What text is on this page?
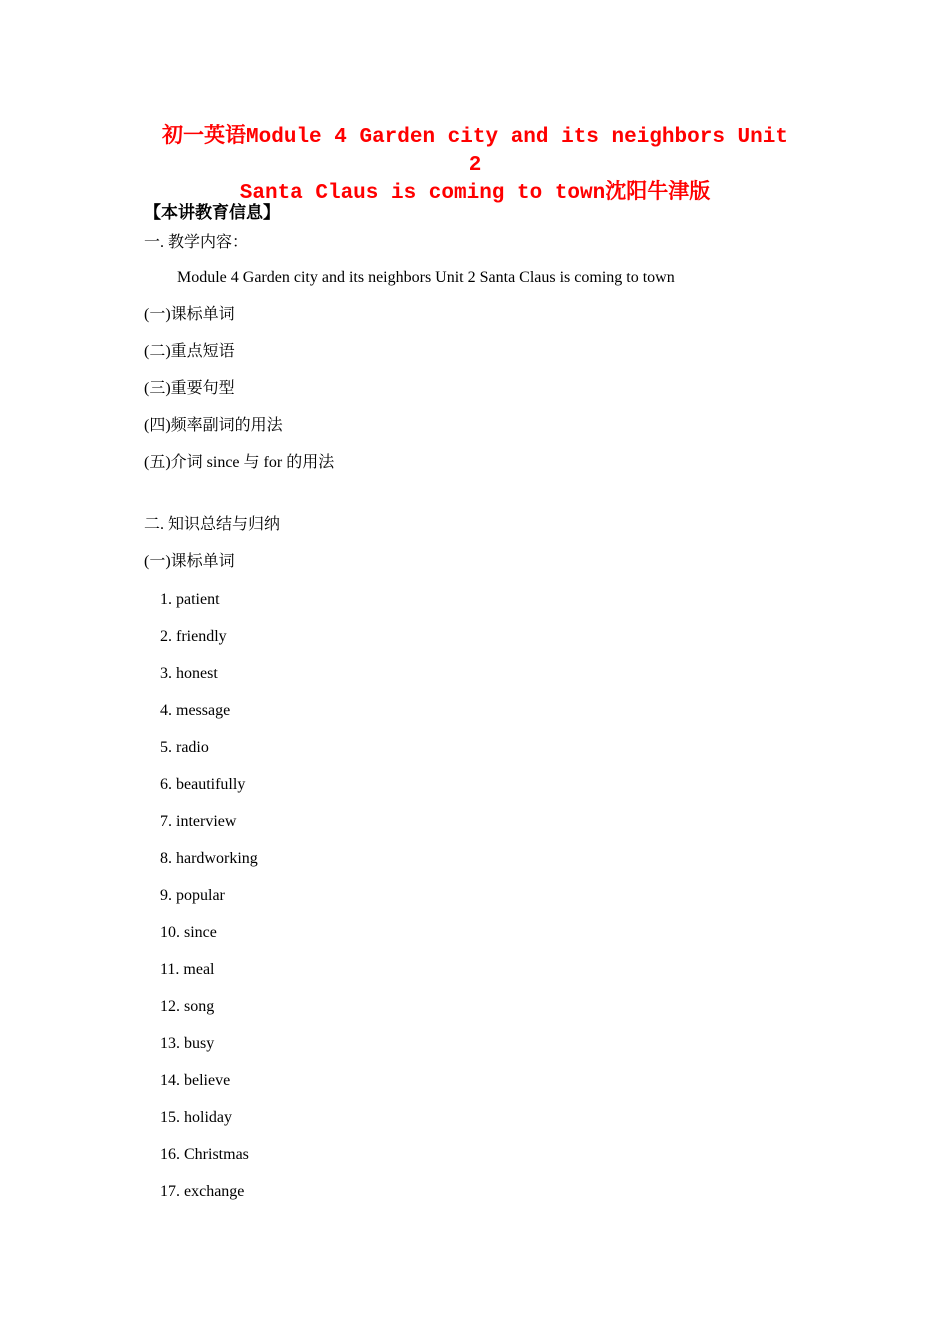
初一英语Module 4 Garden city and its neighbors Unit 2
Santa Claus is coming to town沈阳牛津版
【本讲教育信息】
一. 教学内容：
Module 4 Garden city and its neighbors Unit 2 Santa Claus is coming to town
(一)课标单词
(二)重点短语
(三)重要句型
(四)频率副词的用法
(五)介词 since 与 for 的用法
二. 知识总结与归纳
(一)课标单词
1. patient
2. friendly
3. honest
4. message
5. radio
6. beautifully
7. interview
8. hardworking
9. popular
10. since
11. meal
12. song
13. busy
14. believe
15. holiday
16. Christmas
17. exchange
